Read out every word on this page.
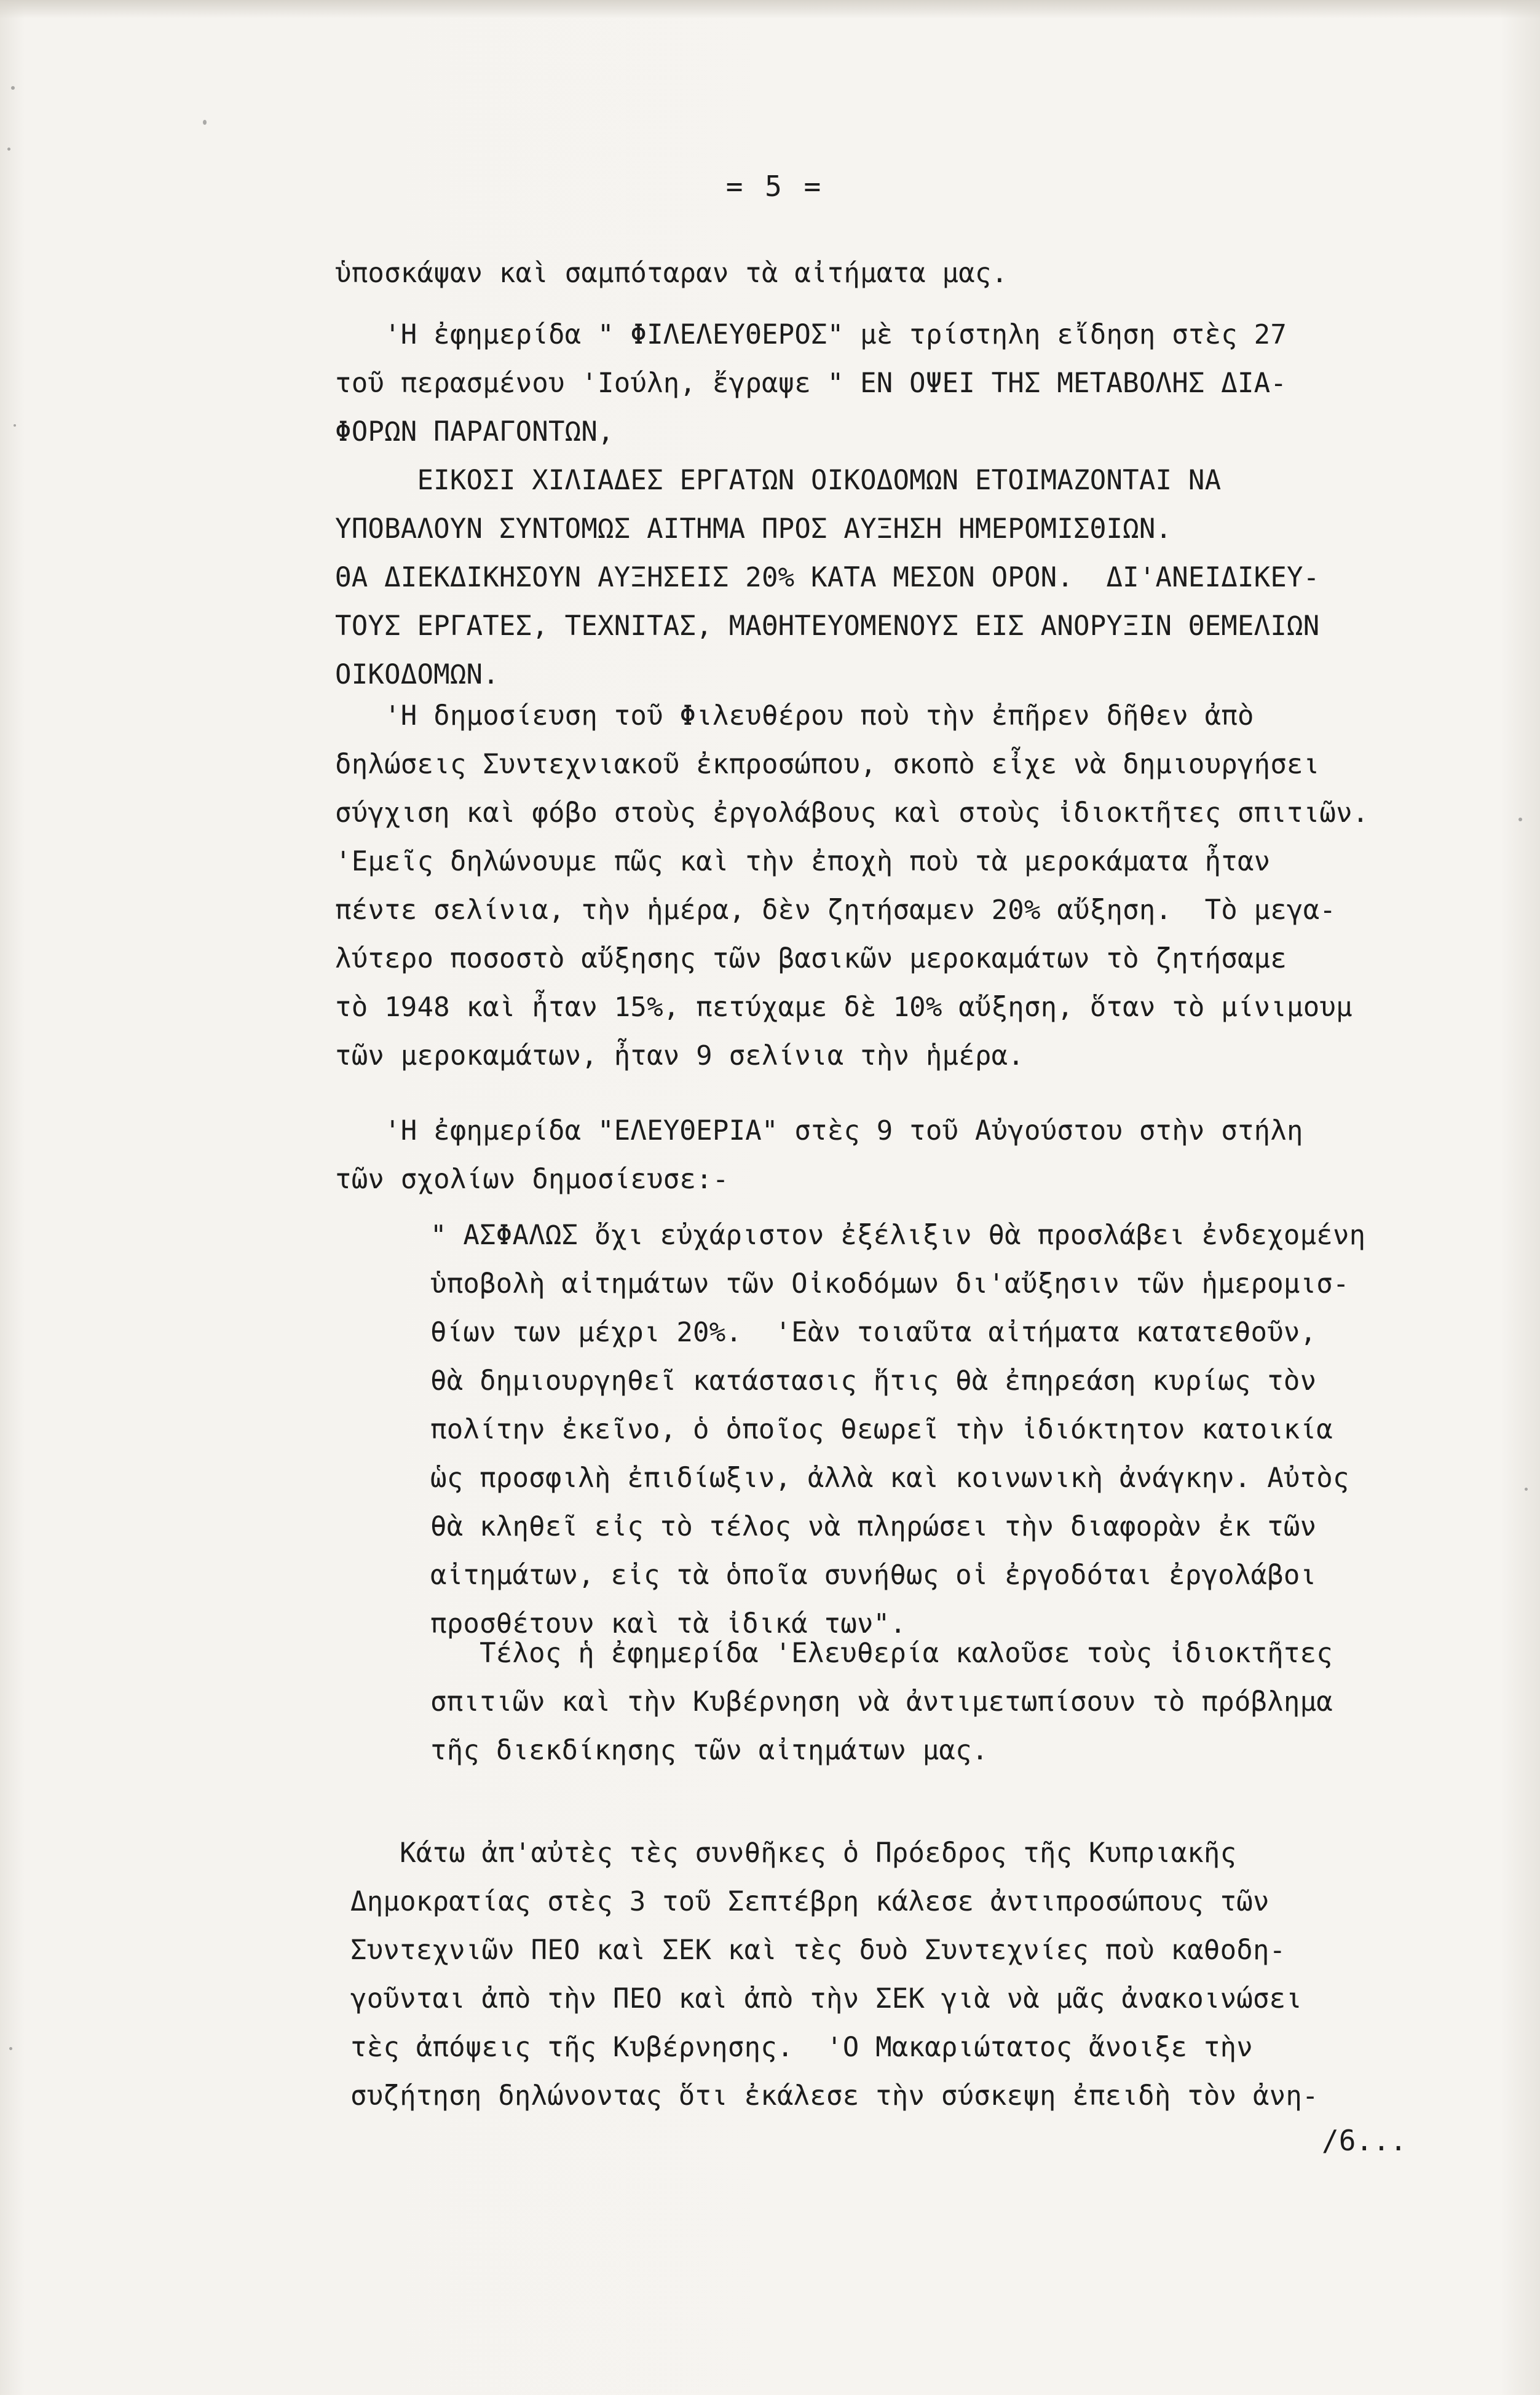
= 5 =
ὑποσκάψαν καὶ σαμπόταραν τὰ αἰτήματα μας.
'Η ἐφημερίδα " ΦΙΛΕΛΕΥΘΕΡΟΣ" μὲ τρίστηλη εἴδηση στὲς 27
τοῦ περασμένου 'Ιούλη, ἔγραψε " ΕΝ ΟΨΕΙ ΤΗΣ ΜΕΤΑΒΟΛΗΣ ΔΙΑ-
ΦΟΡΩΝ ΠΑΡΑΓΟΝΤΩΝ,
ΕΙΚΟΣΙ ΧΙΛΙΑΔΕΣ ΕΡΓΑΤΩΝ ΟΙΚΟΔΟΜΩΝ ΕΤΟΙΜΑΖΟΝΤΑΙ ΝΑ
ΥΠΟΒΑΛΟΥΝ ΣΥΝΤΟΜΩΣ ΑΙΤΗΜΑ ΠΡΟΣ ΑΥΞΗΣΗ ΗΜΕΡΟΜΙΣΘΙΩΝ.
ΘΑ ΔΙΕΚΔΙΚΗΣΟΥΝ ΑΥΞΗΣΕΙΣ 20% ΚΑΤΑ ΜΕΣΟΝ ΟΡΟΝ.  ΔΙ'ΑΝΕΙΔΙΚΕΥ-
ΤΟΥΣ ΕΡΓΑΤΕΣ, ΤΕΧΝΙΤΑΣ, ΜΑΘΗΤΕΥΟΜΕΝΟΥΣ ΕΙΣ ΑΝΟΡΥΞΙΝ ΘΕΜΕΛΙΩΝ
ΟΙΚΟΔΟΜΩΝ.
'Η δημοσίευση τοῦ Φιλευθέρου ποὺ τὴν ἐπῆρεν δῆθεν ἀπὸ
δηλώσεις Συντεχνιακοῦ ἐκπροσώπου, σκοπὸ εἶχε νὰ δημιουργήσει
σύγχιση καὶ φόβο στοὺς ἐργολάβους καὶ στοὺς ἰδιοκτῆτες σπιτιῶν.
'Εμεῖς δηλώνουμε πῶς καὶ τὴν ἐποχὴ ποὺ τὰ μεροκάματα ἦταν
πέντε σελίνια, τὴν ἡμέρα, δὲν ζητήσαμεν 20% αὔξηση.  Τὸ μεγα-
λύτερο ποσοστὸ αὔξησης τῶν βασικῶν μεροκαμάτων τὸ ζητήσαμε
τὸ 1948 καὶ ἦταν 15%, πετύχαμε δὲ 10% αὔξηση, ὅταν τὸ μίνιμουμ
τῶν μεροκαμάτων, ἦταν 9 σελίνια τὴν ἡμέρα.
'Η ἐφημερίδα "ΕΛΕΥΘΕΡΙΑ" στὲς 9 τοῦ Αὐγούστου στὴν στήλη
τῶν σχολίων δημοσίευσε:-
" ΑΣΦΑΛΩΣ ὄχι εὐχάριστον ἐξέλιξιν θὰ προσλάβει ἐνδεχομένη
ὑποβολὴ αἰτημάτων τῶν Οἰκοδόμων δι'αὔξησιν τῶν ἡμερομισ-
θίων των μέχρι 20%.  'Εὰν τοιαῦτα αἰτήματα κατατεθοῦν,
θὰ δημιουργηθεῖ κατάστασις ἥτις θὰ ἐπηρεάση κυρίως τὸν
πολίτην ἐκεῖνο, ὁ ὁποῖος θεωρεῖ τὴν ἰδιόκτητον κατοικία
ὡς προσφιλὴ ἐπιδίωξιν, ἀλλὰ καὶ κοινωνικὴ ἀνάγκην. Αὐτὸς
θὰ κληθεῖ εἰς τὸ τέλος νὰ πληρώσει τὴν διαφορὰν ἐκ τῶν
αἰτημάτων, εἰς τὰ ὁποῖα συνήθως οἱ ἐργοδόται ἐργολάβοι
προσθέτουν καὶ τὰ ἰδικά των".
Τέλος ἡ ἐφημερίδα 'Ελευθερία καλοῦσε τοὺς ἰδιοκτῆτες
σπιτιῶν καὶ τὴν Κυβέρνηση νὰ ἀντιμετωπίσουν τὸ πρόβλημα
τῆς διεκδίκησης τῶν αἰτημάτων μας.
Κάτω ἀπ'αὐτὲς τὲς συνθῆκες ὁ Πρόεδρος τῆς Κυπριακῆς
Δημοκρατίας στὲς 3 τοῦ Σεπτέβρη κάλεσε ἀντιπροσώπους τῶν
Συντεχνιῶν ΠΕΟ καὶ ΣΕΚ καὶ τὲς δυὸ Συντεχνίες ποὺ καθοδη-
γοῦνται ἀπὸ τὴν ΠΕΟ καὶ ἀπὸ τὴν ΣΕΚ γιὰ νὰ μᾶς ἀνακοινώσει
τὲς ἀπόψεις τῆς Κυβέρνησης.  'Ο Μακαριώτατος ἄνοιξε τὴν
συζήτηση δηλώνοντας ὅτι ἐκάλεσε τὴν σύσκεψη ἐπειδὴ τὸν ἀνη-
/6...
